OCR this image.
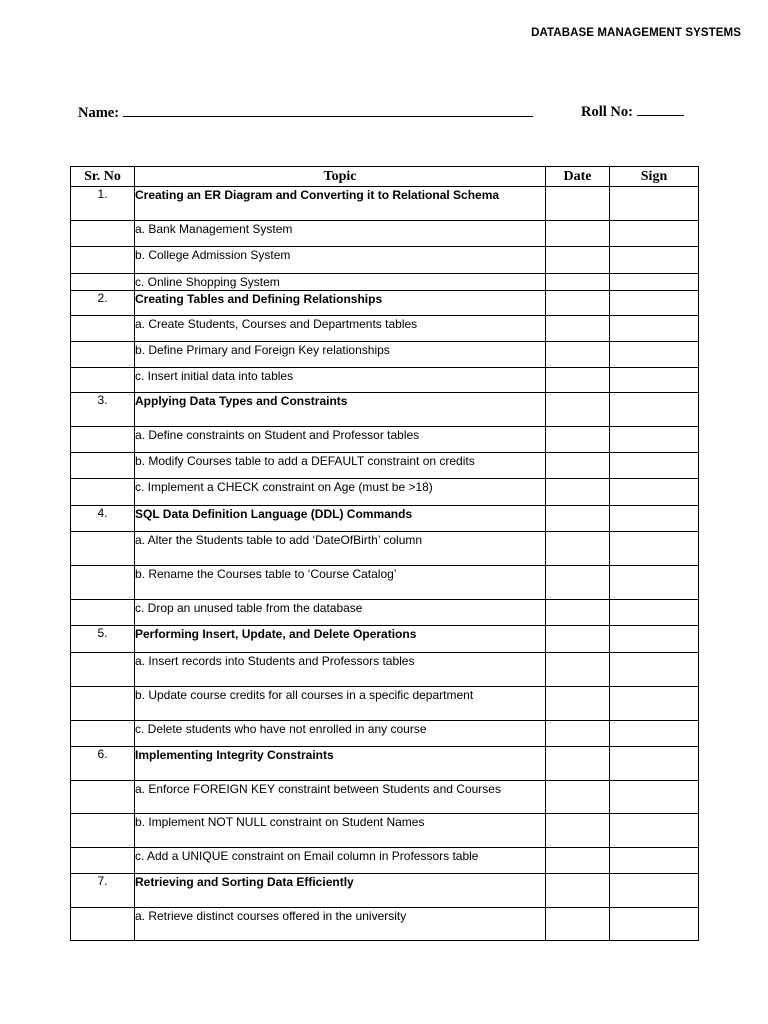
DATABASE MANAGEMENT SYSTEMS
Name:	Roll No:
Sr. No	Topic	Date	Sign
1.	Creating an ER Diagram and Converting it to Relational Schema		
	a. Bank Management System		
	b. College Admission System		
	c. Online Shopping System		
2.	Creating Tables and Defining Relationships		
	a. Create Students, Courses and Departments tables		
	b. Define Primary and Foreign Key relationships		
	c. Insert initial data into tables		
3.	Applying Data Types and Constraints		
	a. Define constraints on Student and Professor tables		
	b. Modify Courses table to add a DEFAULT constraint on credits		
	c. Implement a CHECK constraint on Age (must be >18)		
4.	SQL Data Definition Language (DDL) Commands		
	a. Alter the Students table to add ‘DateOfBirth’ column		
	b. Rename the Courses table to ‘Course Catalog’		
	c. Drop an unused table from the database		
5.	Performing Insert, Update, and Delete Operations		
	a. Insert records into Students and Professors tables		
	b. Update course credits for all courses in a specific department		
	c. Delete students who have not enrolled in any course		
6.	Implementing Integrity Constraints		
	a. Enforce FOREIGN KEY constraint between Students and Courses		
	b. Implement NOT NULL constraint on Student Names		
	c. Add a UNIQUE constraint on Email column in Professors table		
7.	Retrieving and Sorting Data Efficiently		
	a. Retrieve distinct courses offered in the university		
